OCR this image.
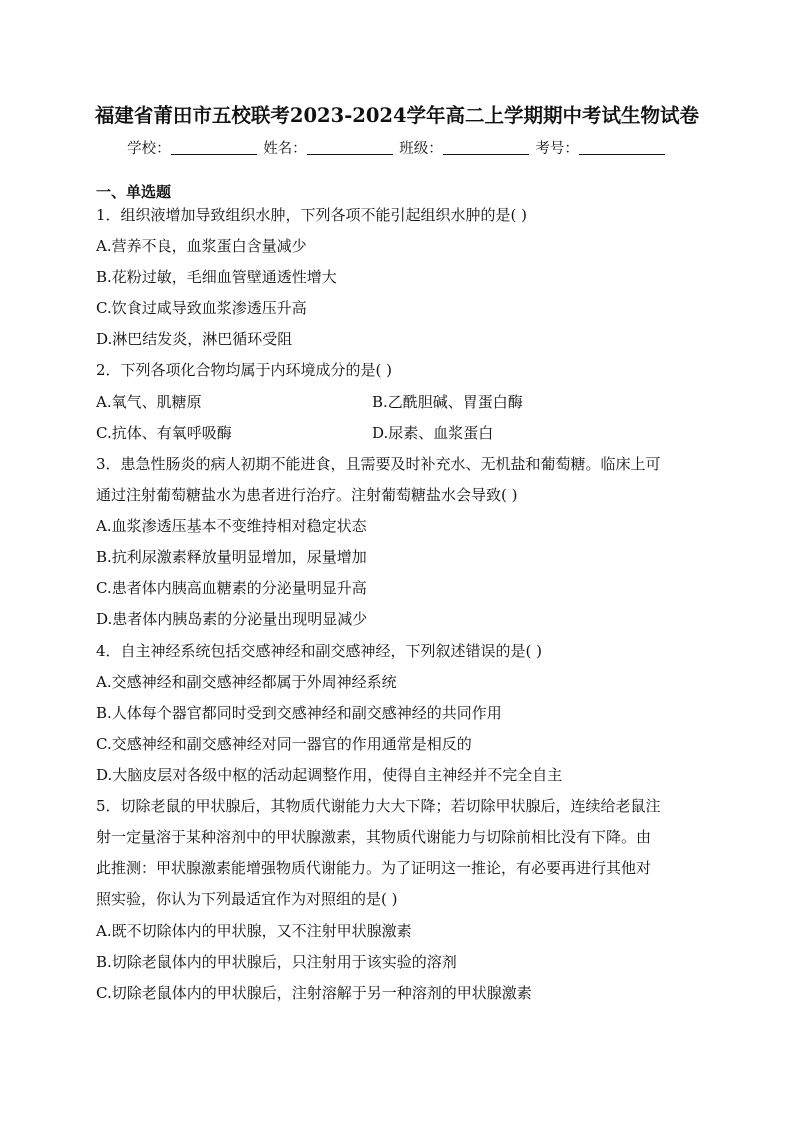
福建省莆田市五校联考2023-2024学年高二上学期期中考试生物试卷
学校：	姓名：	班级：	考号：
一、单选题
1．组织液增加导致组织水肿，下列各项不能引起组织水肿的是( )
A.营养不良，血浆蛋白含量减少
B.花粉过敏，毛细血管壁通透性增大
C.饮食过咸导致血浆渗透压升高
D.淋巴结发炎，淋巴循环受阻
2．下列各项化合物均属于内环境成分的是( )
A.氧气、肌糖原	B.乙酰胆碱、胃蛋白酶
C.抗体、有氧呼吸酶	D.尿素、血浆蛋白
3．患急性肠炎的病人初期不能进食，且需要及时补充水、无机盐和葡萄糖。临床上可
通过注射葡萄糖盐水为患者进行治疗。注射葡萄糖盐水会导致( )
A.血浆渗透压基本不变维持相对稳定状态
B.抗利尿激素释放量明显增加，尿量增加
C.患者体内胰高血糖素的分泌量明显升高
D.患者体内胰岛素的分泌量出现明显减少
4．自主神经系统包括交感神经和副交感神经，下列叙述错误的是( )
A.交感神经和副交感神经都属于外周神经系统
B.人体每个器官都同时受到交感神经和副交感神经的共同作用
C.交感神经和副交感神经对同一器官的作用通常是相反的
D.大脑皮层对各级中枢的活动起调整作用，使得自主神经并不完全自主
5．切除老鼠的甲状腺后，其物质代谢能力大大下降；若切除甲状腺后，连续给老鼠注
射一定量溶于某种溶剂中的甲状腺激素，其物质代谢能力与切除前相比没有下降。由
此推测：甲状腺激素能增强物质代谢能力。为了证明这一推论，有必要再进行其他对
照实验，你认为下列最适宜作为对照组的是( )
A.既不切除体内的甲状腺，又不注射甲状腺激素
B.切除老鼠体内的甲状腺后，只注射用于该实验的溶剂
C.切除老鼠体内的甲状腺后，注射溶解于另一种溶剂的甲状腺激素
